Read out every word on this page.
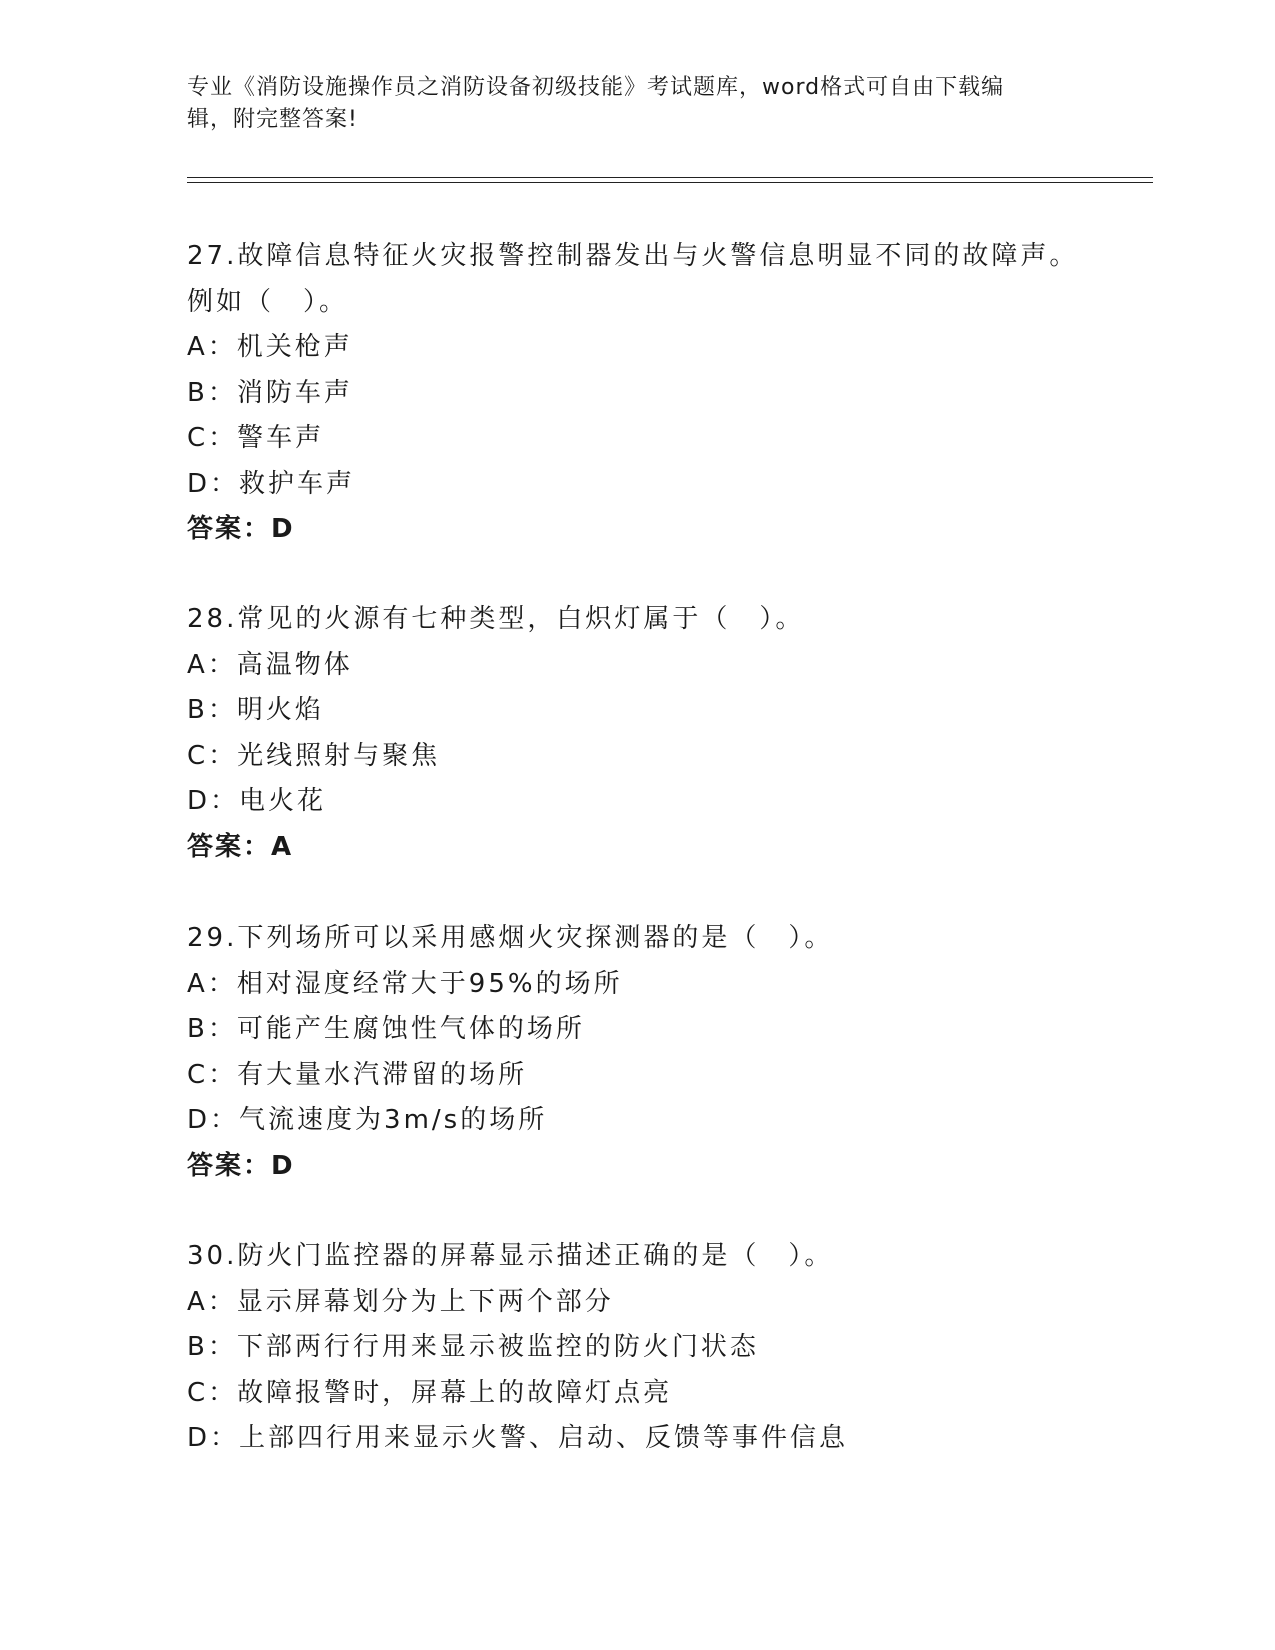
专业《消防设施操作员之消防设备初级技能》考试题库，word格式可自由下载编
辑，附完整答案!
27.故障信息特征火灾报警控制器发出与火警信息明显不同的故障声。
例如（　）。
A：机关枪声
B：消防车声
C：警车声
D：救护车声
答案：D
28.常见的火源有七种类型，白炽灯属于（　）。
A：高温物体
B：明火焰
C：光线照射与聚焦
D：电火花
答案：A
29.下列场所可以采用感烟火灾探测器的是（　）。
A：相对湿度经常大于95%的场所
B：可能产生腐蚀性气体的场所
C：有大量水汽滞留的场所
D：气流速度为3m/s的场所
答案：D
30.防火门监控器的屏幕显示描述正确的是（　）。
A：显示屏幕划分为上下两个部分
B：下部两行行用来显示被监控的防火门状态
C：故障报警时，屏幕上的故障灯点亮
D：上部四行用来显示火警、启动、反馈等事件信息
